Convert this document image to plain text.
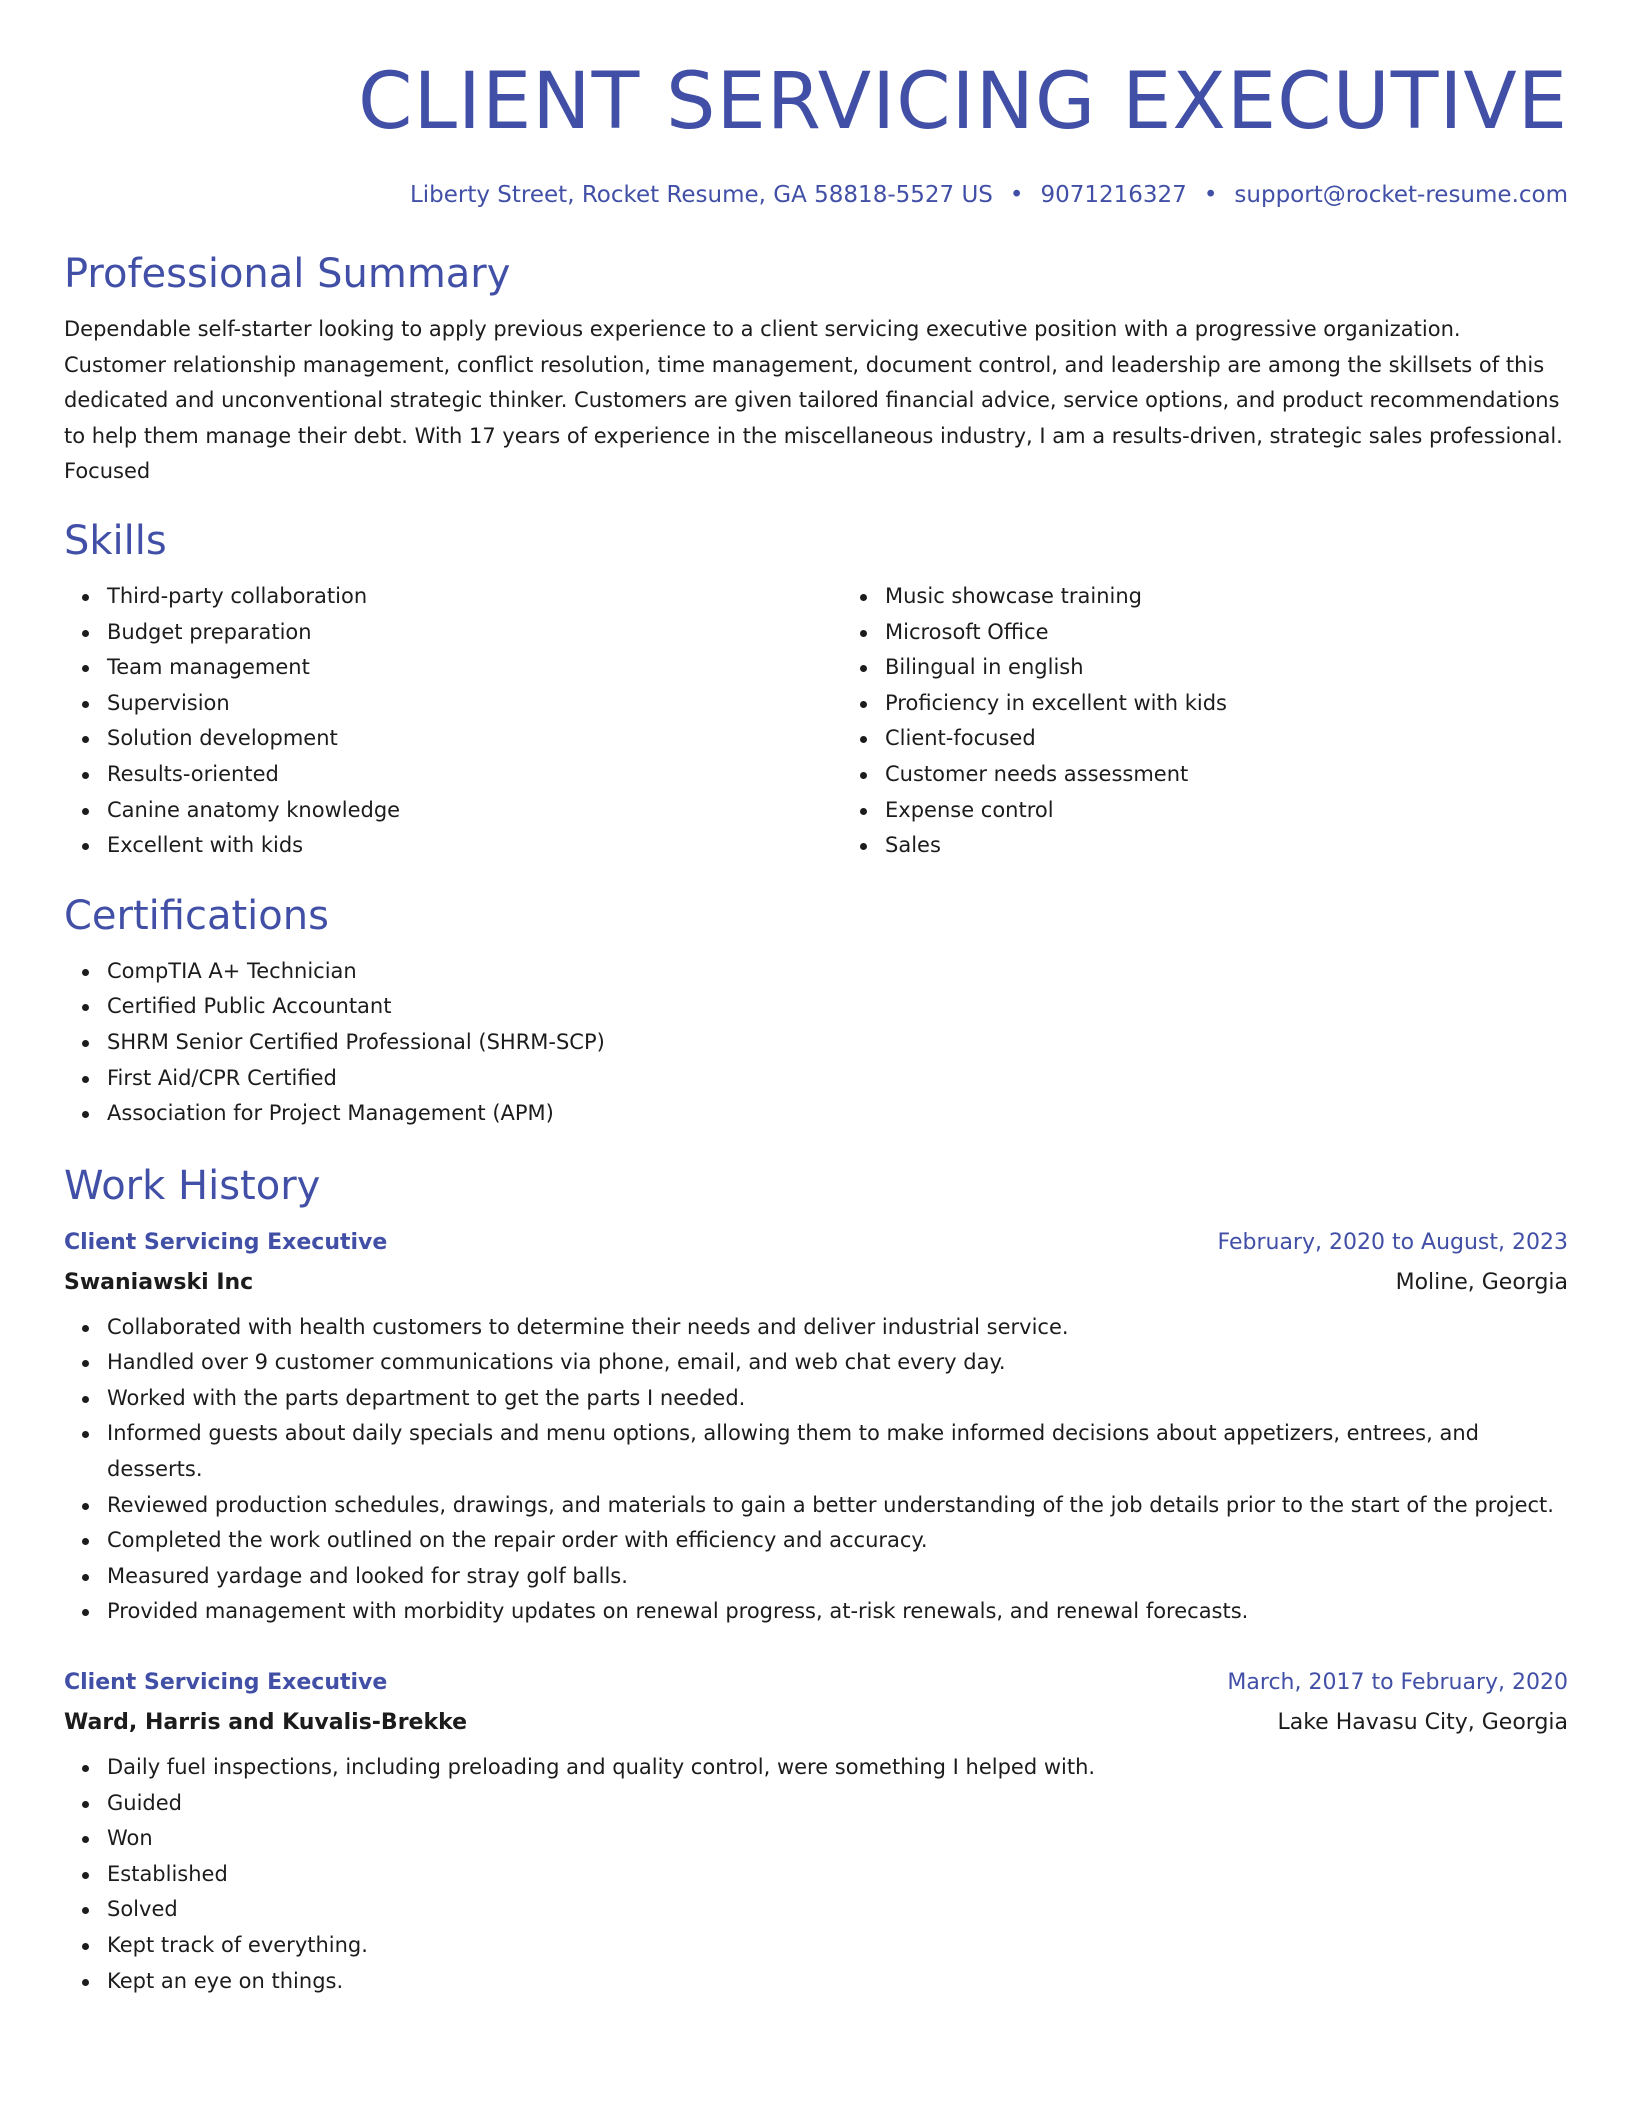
CLIENT SERVICING EXECUTIVE
Liberty Street, Rocket Resume, GA 58818-5527 US • 9071216327 • support@rocket-resume.com
Professional Summary

Dependable self-starter looking to apply previous experience to a client servicing executive position with a progressive organization. Customer relationship management, conflict resolution, time management, document control, and leadership are among the skillsets of this dedicated and unconventional strategic thinker. Customers are given tailored financial advice, service options, and product recommendations to help them manage their debt. With 17 years of experience in the miscellaneous industry, I am a results-driven, strategic sales professional. Focused

Skills
Third-party collaboration
Budget preparation
Team management
Supervision
Solution development
Results-oriented
Canine anatomy knowledge
Excellent with kids
Music showcase training
Microsoft Office
Bilingual in english
Proficiency in excellent with kids
Client-focused
Customer needs assessment
Expense control
Sales
Certifications
CompTIA A+ Technician
Certified Public Accountant
SHRM Senior Certified Professional (SHRM-SCP)
First Aid/CPR Certified
Association for Project Management (APM)
Work History
Client Servicing Executive	February, 2020 to August, 2023
Swaniawski Inc	Moline, Georgia
Collaborated with health customers to determine their needs and deliver industrial service.
Handled over 9 customer communications via phone, email, and web chat every day.
Worked with the parts department to get the parts I needed.
Informed guests about daily specials and menu options, allowing them to make informed decisions about appetizers, entrees, and desserts.
Reviewed production schedules, drawings, and materials to gain a better understanding of the job details prior to the start of the project.
Completed the work outlined on the repair order with efficiency and accuracy.
Measured yardage and looked for stray golf balls.
Provided management with morbidity updates on renewal progress, at-risk renewals, and renewal forecasts.
Client Servicing Executive	March, 2017 to February, 2020
Ward, Harris and Kuvalis-Brekke	Lake Havasu City, Georgia
Daily fuel inspections, including preloading and quality control, were something I helped with.
Guided
Won
Established
Solved
Kept track of everything.
Kept an eye on things.
